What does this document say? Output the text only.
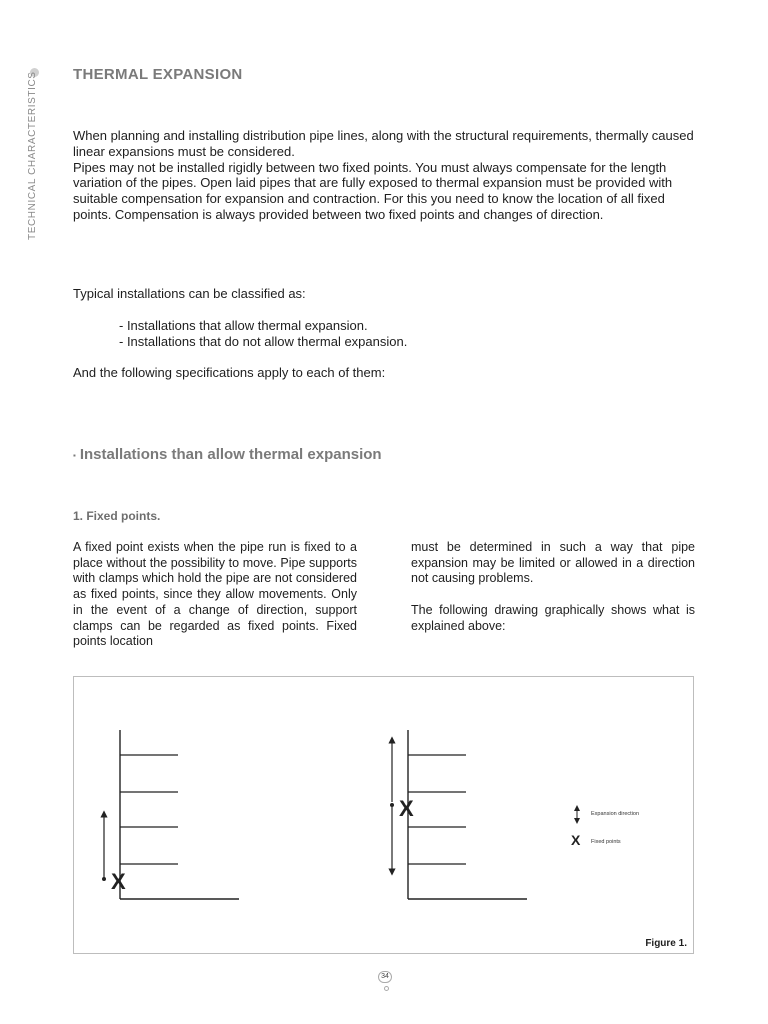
TECHNICAL CHARACTERISTICS THERMAL EXPANSION
When planning and installing distribution pipe lines, along with the structural requirements, thermally caused linear expansions must be considered.
Pipes may not be installed rigidly between two fixed points. You must always compensate for the length variation of the pipes. Open laid pipes that are fully exposed to thermal expansion must be provided with suitable compensation for expansion and contraction. For this you need to know the location of all fixed points. Compensation is always provided between two fixed points and changes of direction.
Typical installations can be classified as:
- Installations that allow thermal expansion.
- Installations that do not allow thermal expansion.
And the following specifications apply to each of them:
▪ Installations than allow thermal expansion
1. Fixed points.
A fixed point exists when the pipe run is fixed to a place without the possibility to move. Pipe supports with clamps which hold the pipe are not considered as fixed points, since they allow movements. Only in the event of a change of direction, support clamps can be regarded as fixed points. Fixed points location
must be determined in such a way that pipe expansion may be limited or allowed in a direction not causing problems.
The following drawing graphically shows what is explained above:
X
X	Expansion direction
X Fixed points
Figure 1.
34
